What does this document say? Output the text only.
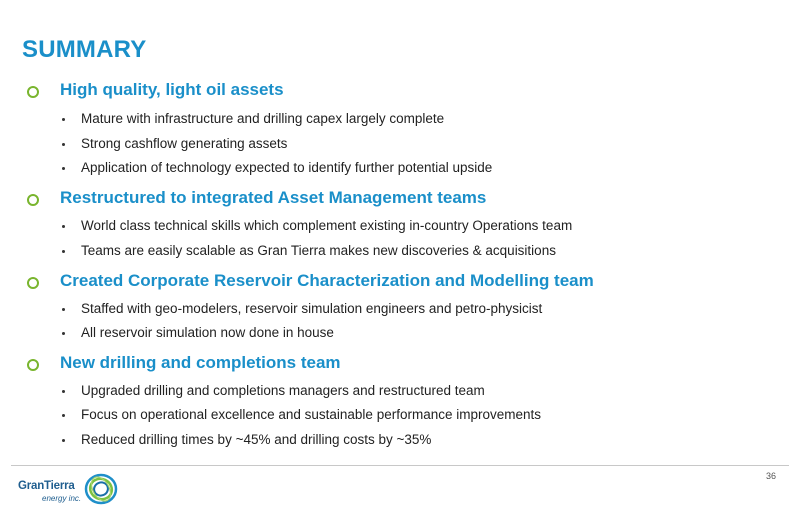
SUMMARY
High quality, light oil assets
Mature with infrastructure and drilling capex largely complete
Strong cashflow generating assets
Application of technology expected to identify further potential upside
Restructured to integrated Asset Management teams
World class technical skills which complement existing in-country Operations team
Teams are easily scalable as Gran Tierra makes new discoveries & acquisitions
Created Corporate Reservoir Characterization and Modelling team
Staffed with geo-modelers, reservoir simulation engineers and petro-physicist
All reservoir simulation now done in house
New drilling and completions team
Upgraded drilling and completions managers and restructured team
Focus on operational excellence and sustainable performance improvements
Reduced drilling times by ~45% and drilling costs by ~35%
GranTierra
energy inc.
36
